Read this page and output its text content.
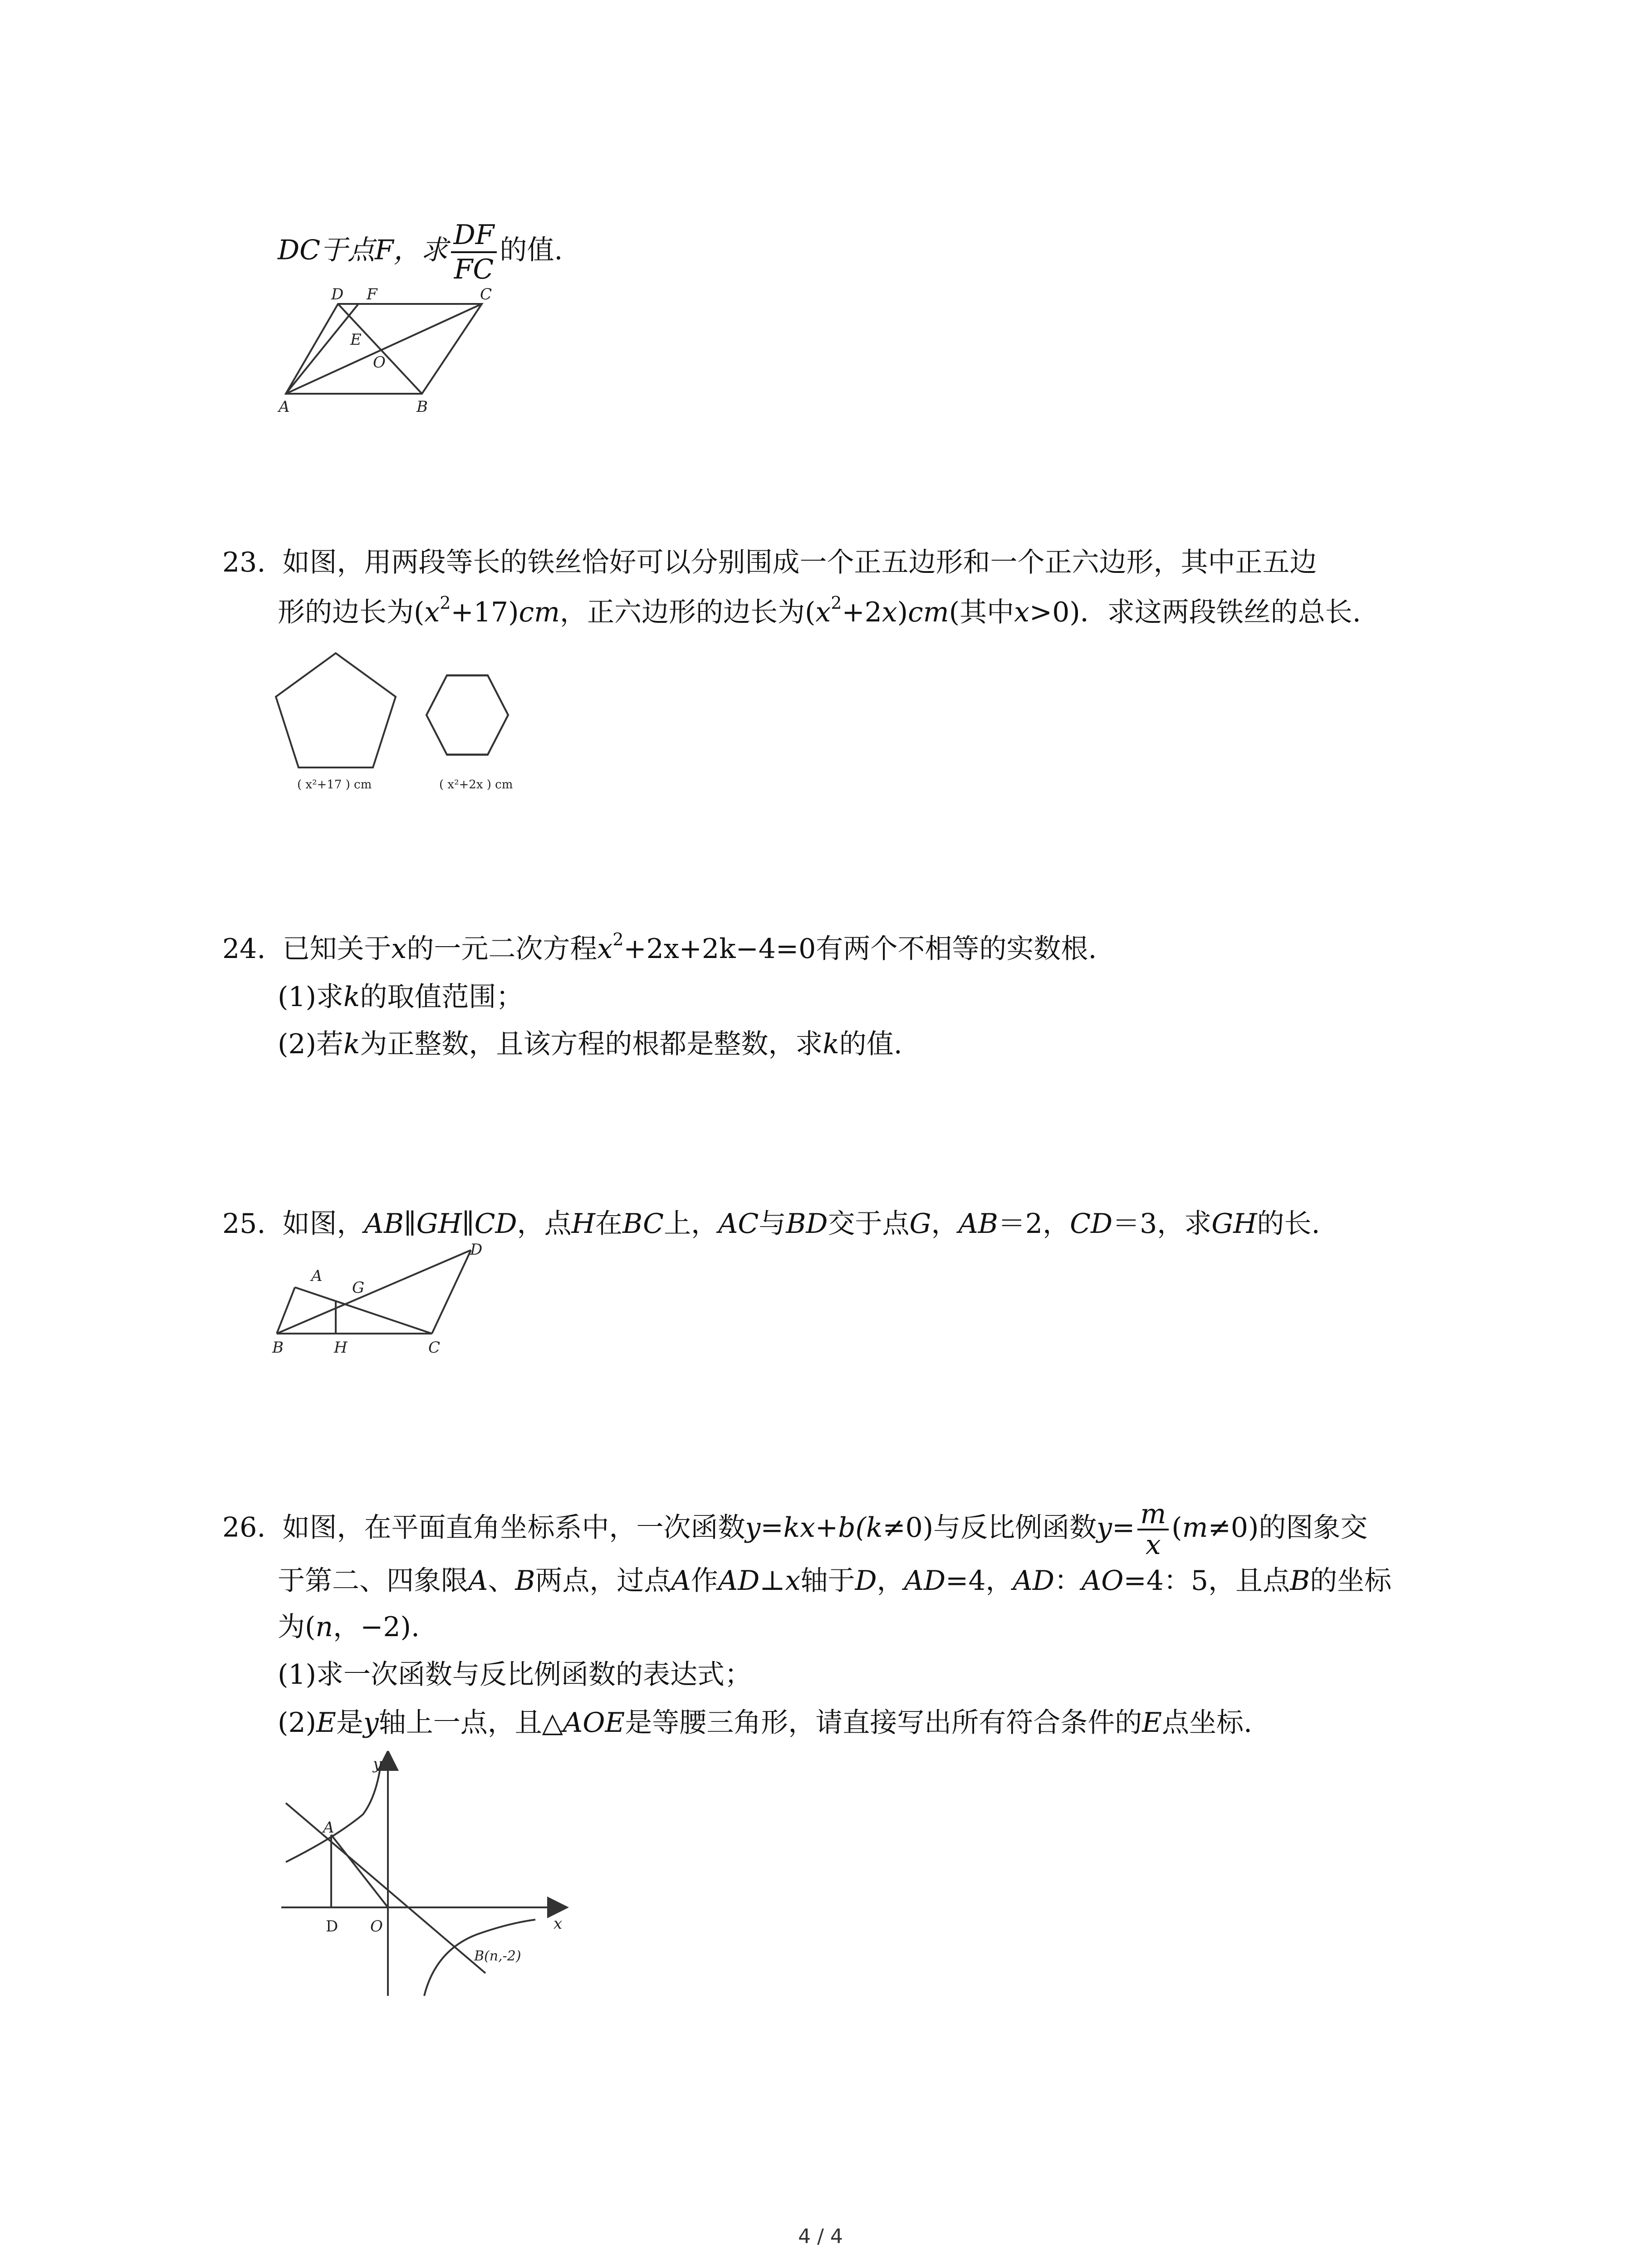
DC于点F，求 $\frac{DF}{FC}$ 的值.
D F	C
E
O
A	B
23. 如图，用两段等长的铁丝恰好可以分别围成一个正五边形和一个正六边形，其中正五边
形的边长为$(x^2+17)cm$，正六边形的边长为$(x^2+2x)cm$(其中x>0)．求这两段铁丝的总长.
( x²+17 ) cm	( x²+2x ) cm
24. 已知关于x的一元二次方程$x^2+2x+2k-4=0$有两个不相等的实数根.
(1)求k的取值范围；
(2)若k为正整数，且该方程的根都是整数，求k的值.
25. 如图，AB∥GH∥CD，点H在BC上，AC与BD交于点G，AB＝2，CD＝3，求GH的长.
A
G
D
B	H	C
26. 如图，在平面直角坐标系中，一次函数y=kx+b(k≠0)与反比例函数$y= \frac{m}{x} (m\ne 0)$的图象交
于第二、四象限A、B两点，过点A作AD⊥x轴于D，AD=4，AD：AO=4：5，且点B的坐标
为(n，−2).
(1)求一次函数与反比例函数的表达式；
(2)E是y轴上一点，且△AOE是等腰三角形，请直接写出所有符合条件的E点坐标.
y
x
A
D O
B(n,-2)
4 / 4
